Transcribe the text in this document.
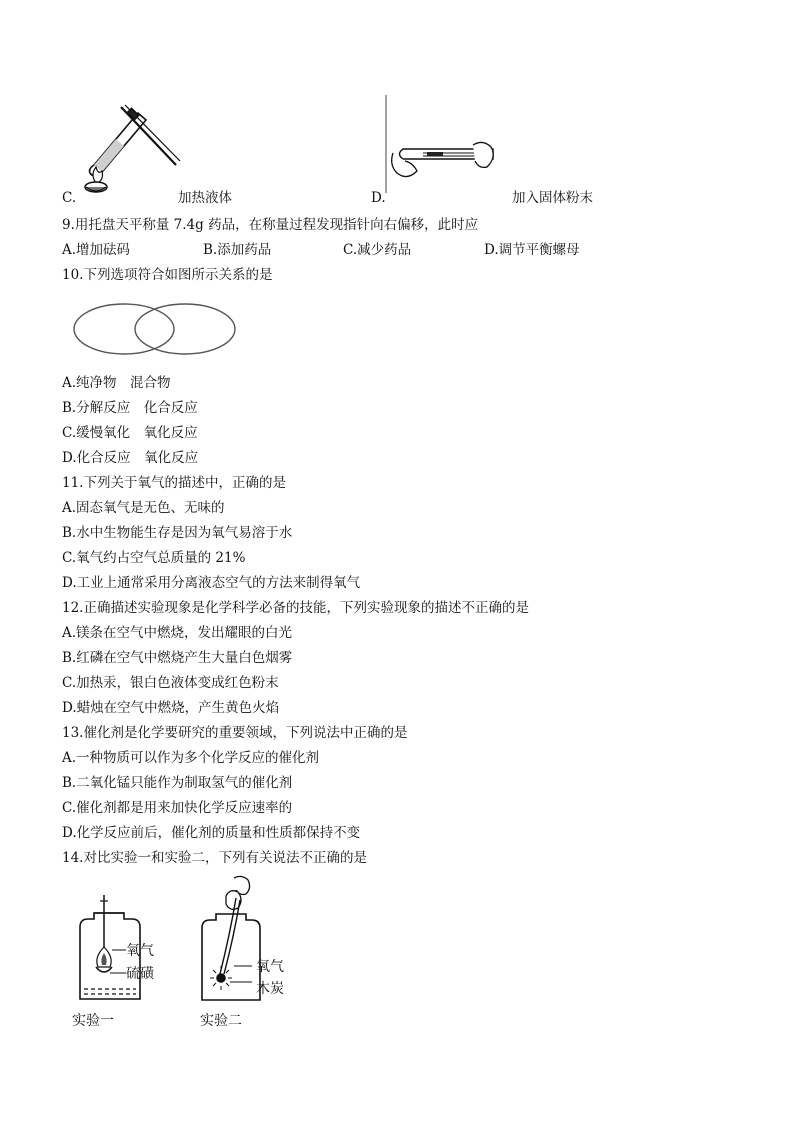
C.	加热液体	D.	加入固体粉末
9.用托盘天平称量 7.4g 药品，在称量过程发现指针向右偏移，此时应
A.增加砝码	B.添加药品	C.减少药品	D.调节平衡螺母
10.下列选项符合如图所示关系的是
A.纯净物　混合物
B.分解反应　化合反应
C.缓慢氧化　氧化反应
D.化合反应　氧化反应
11.下列关于氧气的描述中，正确的是
A.固态氧气是无色、无味的
B.水中生物能生存是因为氧气易溶于水
C.氧气约占空气总质量的 21%
D.工业上通常采用分离液态空气的方法来制得氧气
12.正确描述实验现象是化学科学必备的技能，下列实验现象的描述不正确的是
A.镁条在空气中燃烧，发出耀眼的白光
B.红磷在空气中燃烧产生大量白色烟雾
C.加热汞，银白色液体变成红色粉末
D.蜡烛在空气中燃烧，产生黄色火焰
13.催化剂是化学要研究的重要领域，下列说法中正确的是
A.一种物质可以作为多个化学反应的催化剂
B.二氧化锰只能作为制取氢气的催化剂
C.催化剂都是用来加快化学反应速率的
D.化学反应前后，催化剂的质量和性质都保持不变
14.对比实验一和实验二，下列有关说法不正确的是
氧气
硫磺
实验一
氧气
木炭
实验二
